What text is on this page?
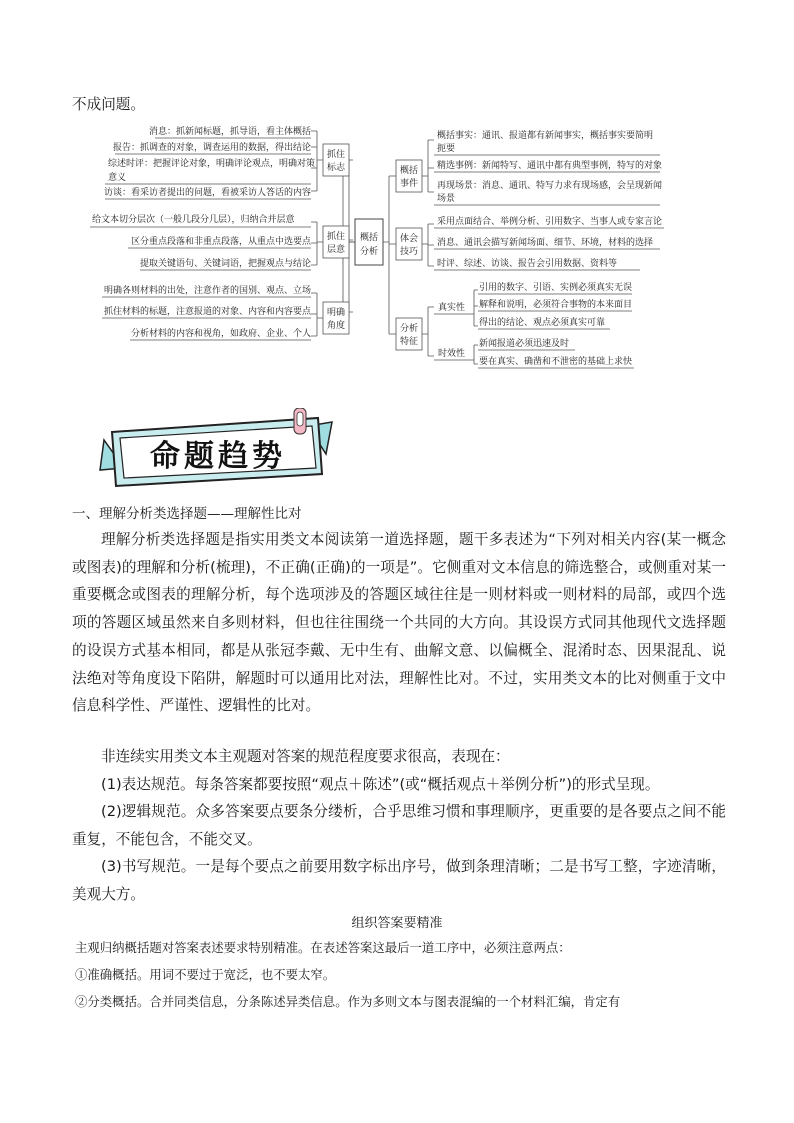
不成问题。
概括
分析
抓住
标志
消息：抓新闻标题，抓导语，看主体概括
报告：抓调查的对象，调查运用的数据，得出结论
综述时评：把握评论对象，明确评论观点，明确对策
意义
访谈：看采访者提出的问题，看被采访人答话的内容
抓住
层意
给文本切分层次（一般几段分几层），归纳合并层意
区分重点段落和非重点段落，从重点中选要点
提取关键语句、关键词语，把握观点与结论
明确
角度
明确各则材料的出处，注意作者的国别、观点、立场
抓住材料的标题，注意报道的对象、内容和内容要点
分析材料的内容和视角，如政府、企业、个人
概括
事件
概括事实：通讯、报道都有新闻事实，概括事实要简明
扼要
精选事例：新闻特写、通讯中都有典型事例，特写的对象
再现场景：消息、通讯、特写力求有现场感，会呈现新闻
场景
体会
技巧
采用点面结合、举例分析、引用数字、当事人或专家言论
消息、通讯会描写新闻场面、细节、环境，材料的选择
时评、综述、访谈、报告会引用数据、资料等
分析
特征
真实性
引用的数字、引语、实例必须真实无误
解释和说明，必须符合事物的本来面目
得出的结论、观点必须真实可靠
时效性
新闻报道必须迅速及时
要在真实、确凿和不泄密的基础上求快
命题趋势
一、理解分析类选择题——理解性比对

理解分析类选择题是指实用类文本阅读第一道选择题，题干多表述为“下列对相关内容(某一概念或图表)的理解和分析(梳理)，不正确(正确)的一项是”。它侧重对文本信息的筛选整合，或侧重对某一重要概念或图表的理解分析，每个选项涉及的答题区域往往是一则材料或一则材料的局部，或四个选项的答题区域虽然来自多则材料，但也往往围绕一个共同的大方向。其设误方式同其他现代文选择题的设误方式基本相同，都是从张冠李戴、无中生有、曲解文意、以偏概全、混淆时态、因果混乱、说法绝对等角度设下陷阱，解题时可以通用比对法，理解性比对。不过，实用类文本的比对侧重于文中信息科学性、严谨性、逻辑性的比对。

非连续实用类文本主观题对答案的规范程度要求很高，表现在：

(1)表达规范。每条答案都要按照“观点＋陈述”(或“概括观点＋举例分析”)的形式呈现。

(2)逻辑规范。众多答案要点要条分缕析，合乎思维习惯和事理顺序，更重要的是各要点之间不能重复，不能包含，不能交叉。

(3)书写规范。一是每个要点之前要用数字标出序号，做到条理清晰；二是书写工整，字迹清晰，美观大方。

组织答案要精准
主观归纳概括题对答案表述要求特别精准。在表述答案这最后一道工序中，必须注意两点：
①准确概括。用词不要过于宽泛，也不要太窄。
②分类概括。合并同类信息，分条陈述异类信息。作为多则文本与图表混编的一个材料汇编，肯定有
